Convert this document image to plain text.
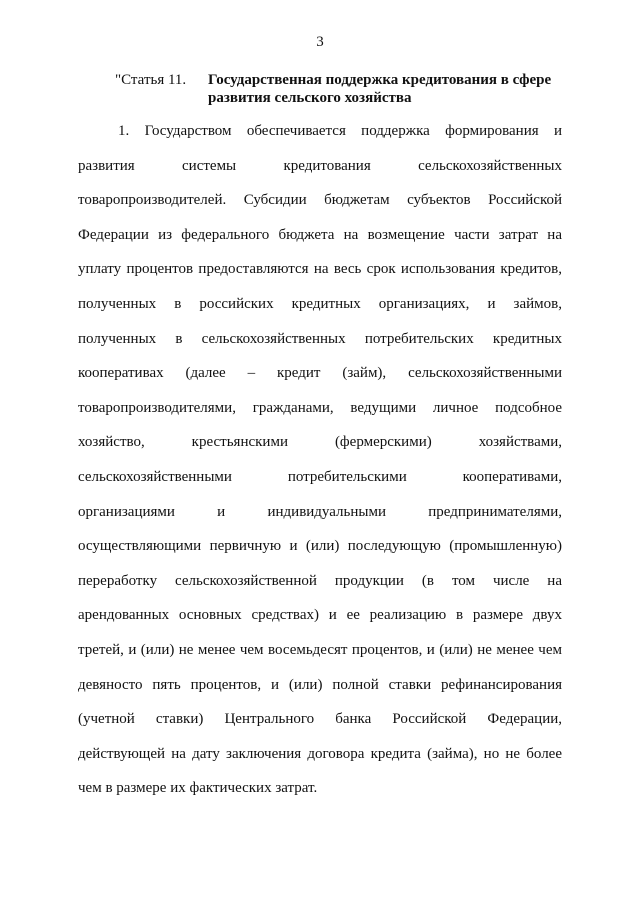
3
"Статья 11. Государственная поддержка кредитования в сфере
развития сельского хозяйства
1. Государством обеспечивается поддержка формирования и
развития системы кредитования сельскохозяйственных
товаропроизводителей. Субсидии бюджетам субъектов Российской
Федерации из федерального бюджета на возмещение части затрат на
уплату процентов предоставляются на весь срок использования кредитов,
полученных в российских кредитных организациях, и займов,
полученных в сельскохозяйственных потребительских кредитных
кооперативах (далее – кредит (займ), сельскохозяйственными
товаропроизводителями, гражданами, ведущими личное подсобное
хозяйство, крестьянскими (фермерскими) хозяйствами,
сельскохозяйственными потребительскими кооперативами,
организациями и индивидуальными предпринимателями,
осуществляющими первичную и (или) последующую (промышленную)
переработку сельскохозяйственной продукции (в том числе на
арендованных основных средствах) и ее реализацию в размере двух
третей, и (или) не менее чем восемьдесят процентов, и (или) не менее чем
девяносто пять процентов, и (или) полной ставки рефинансирования
(учетной ставки) Центрального банка Российской Федерации,
действующей на дату заключения договора кредита (займа), но не более
чем в размере их фактических затрат.
